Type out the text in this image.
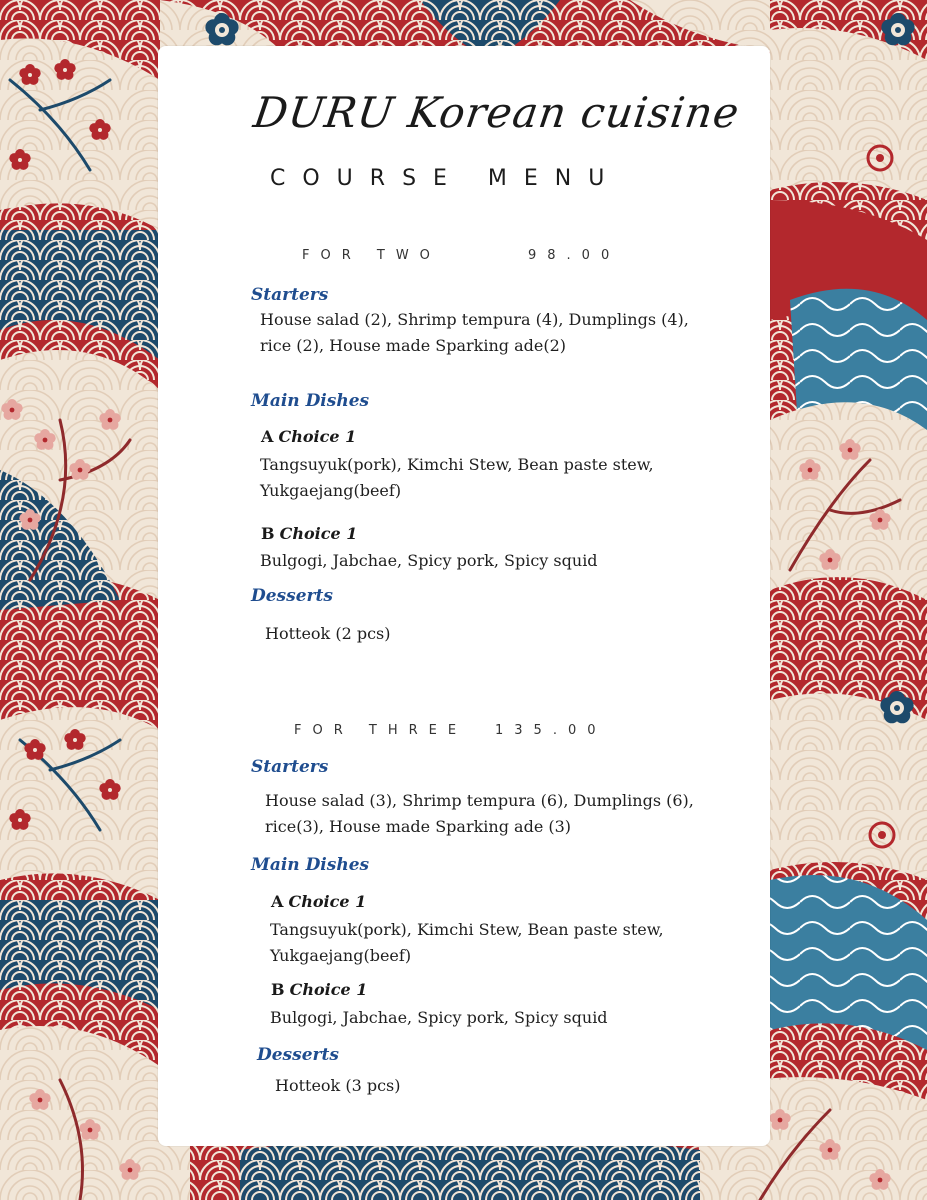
DURU Korean cuisine
COURSE MENU
FOR TWO	98.00
Starters
House salad (2), Shrimp tempura (4), Dumplings (4),
rice (2), House made Sparking ade(2)
Main Dishes
A Choice 1
Tangsuyuk(pork), Kimchi Stew, Bean paste stew,
Yukgaejang(beef)
B Choice 1
Bulgogi, Jabchae, Spicy pork, Spicy squid
Desserts
Hotteok (2 pcs)
FOR THREE 135.00
Starters
House salad (3), Shrimp tempura (6), Dumplings (6),
rice(3), House made Sparking ade (3)
Main Dishes
A Choice 1
Tangsuyuk(pork), Kimchi Stew, Bean paste stew,
Yukgaejang(beef)
B Choice 1
Bulgogi, Jabchae, Spicy pork, Spicy squid
Desserts
Hotteok (3 pcs)
